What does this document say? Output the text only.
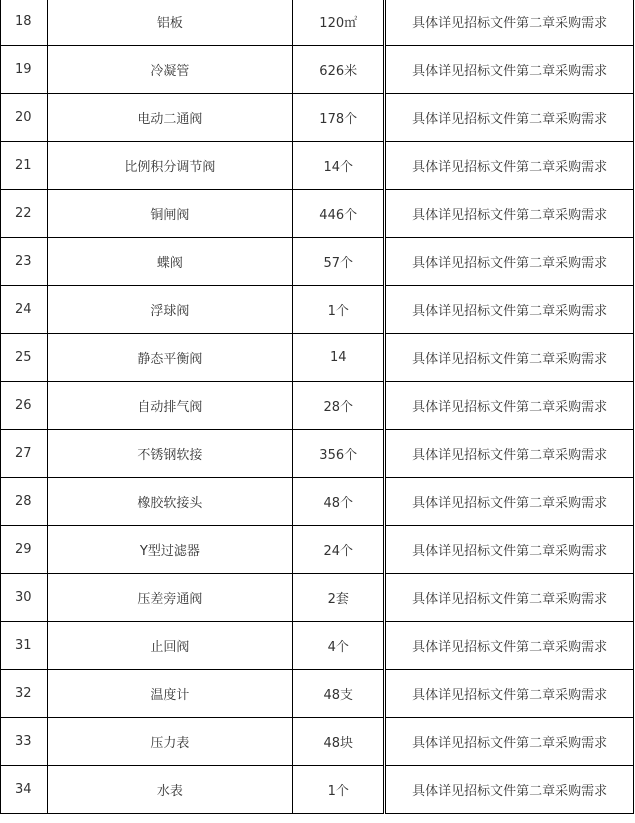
18	铝板	120㎡	具体详见招标文件第二章采购需求
19	冷凝管	626米	具体详见招标文件第二章采购需求
20	电动二通阀	178个	具体详见招标文件第二章采购需求
21	比例积分调节阀	14个	具体详见招标文件第二章采购需求
22	铜闸阀	446个	具体详见招标文件第二章采购需求
23	蝶阀	57个	具体详见招标文件第二章采购需求
24	浮球阀	1个	具体详见招标文件第二章采购需求
25	静态平衡阀	14	具体详见招标文件第二章采购需求
26	自动排气阀	28个	具体详见招标文件第二章采购需求
27	不锈钢软接	356个	具体详见招标文件第二章采购需求
28	橡胶软接头	48个	具体详见招标文件第二章采购需求
29	Y型过滤器	24个	具体详见招标文件第二章采购需求
30	压差旁通阀	2套	具体详见招标文件第二章采购需求
31	止回阀	4个	具体详见招标文件第二章采购需求
32	温度计	48支	具体详见招标文件第二章采购需求
33	压力表	48块	具体详见招标文件第二章采购需求
34	水表	1个	具体详见招标文件第二章采购需求
